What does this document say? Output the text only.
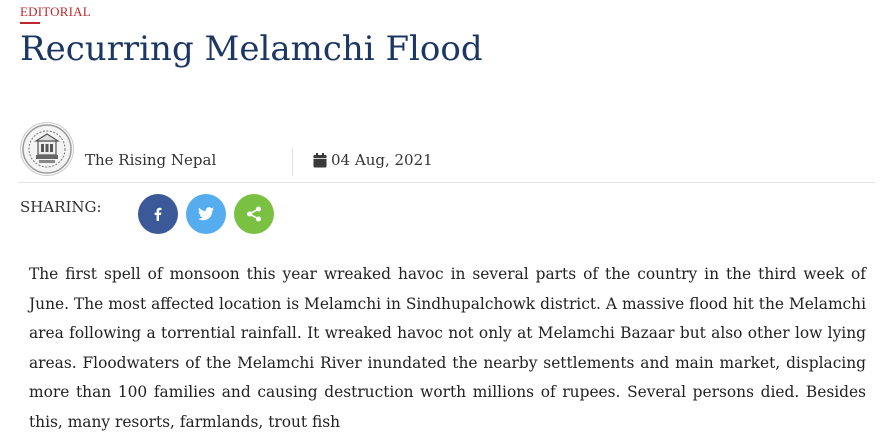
EDITORIAL
Recurring Melamchi Flood
The Rising Nepal	04 Aug, 2021
SHARING:

The first spell of monsoon this year wreaked havoc in several parts of the country in the third week of June. The most affected location is Melamchi in Sindhupalchowk district. A massive flood hit the Melamchi area following a torrential rainfall. It wreaked havoc not only at Melamchi Bazaar but also other low lying areas. Floodwaters of the Melamchi River inundated the nearby settlements and main market, displacing more than 100 families and causing destruction worth millions of rupees. Several persons died. Besides this, many resorts, farmlands, trout fish
